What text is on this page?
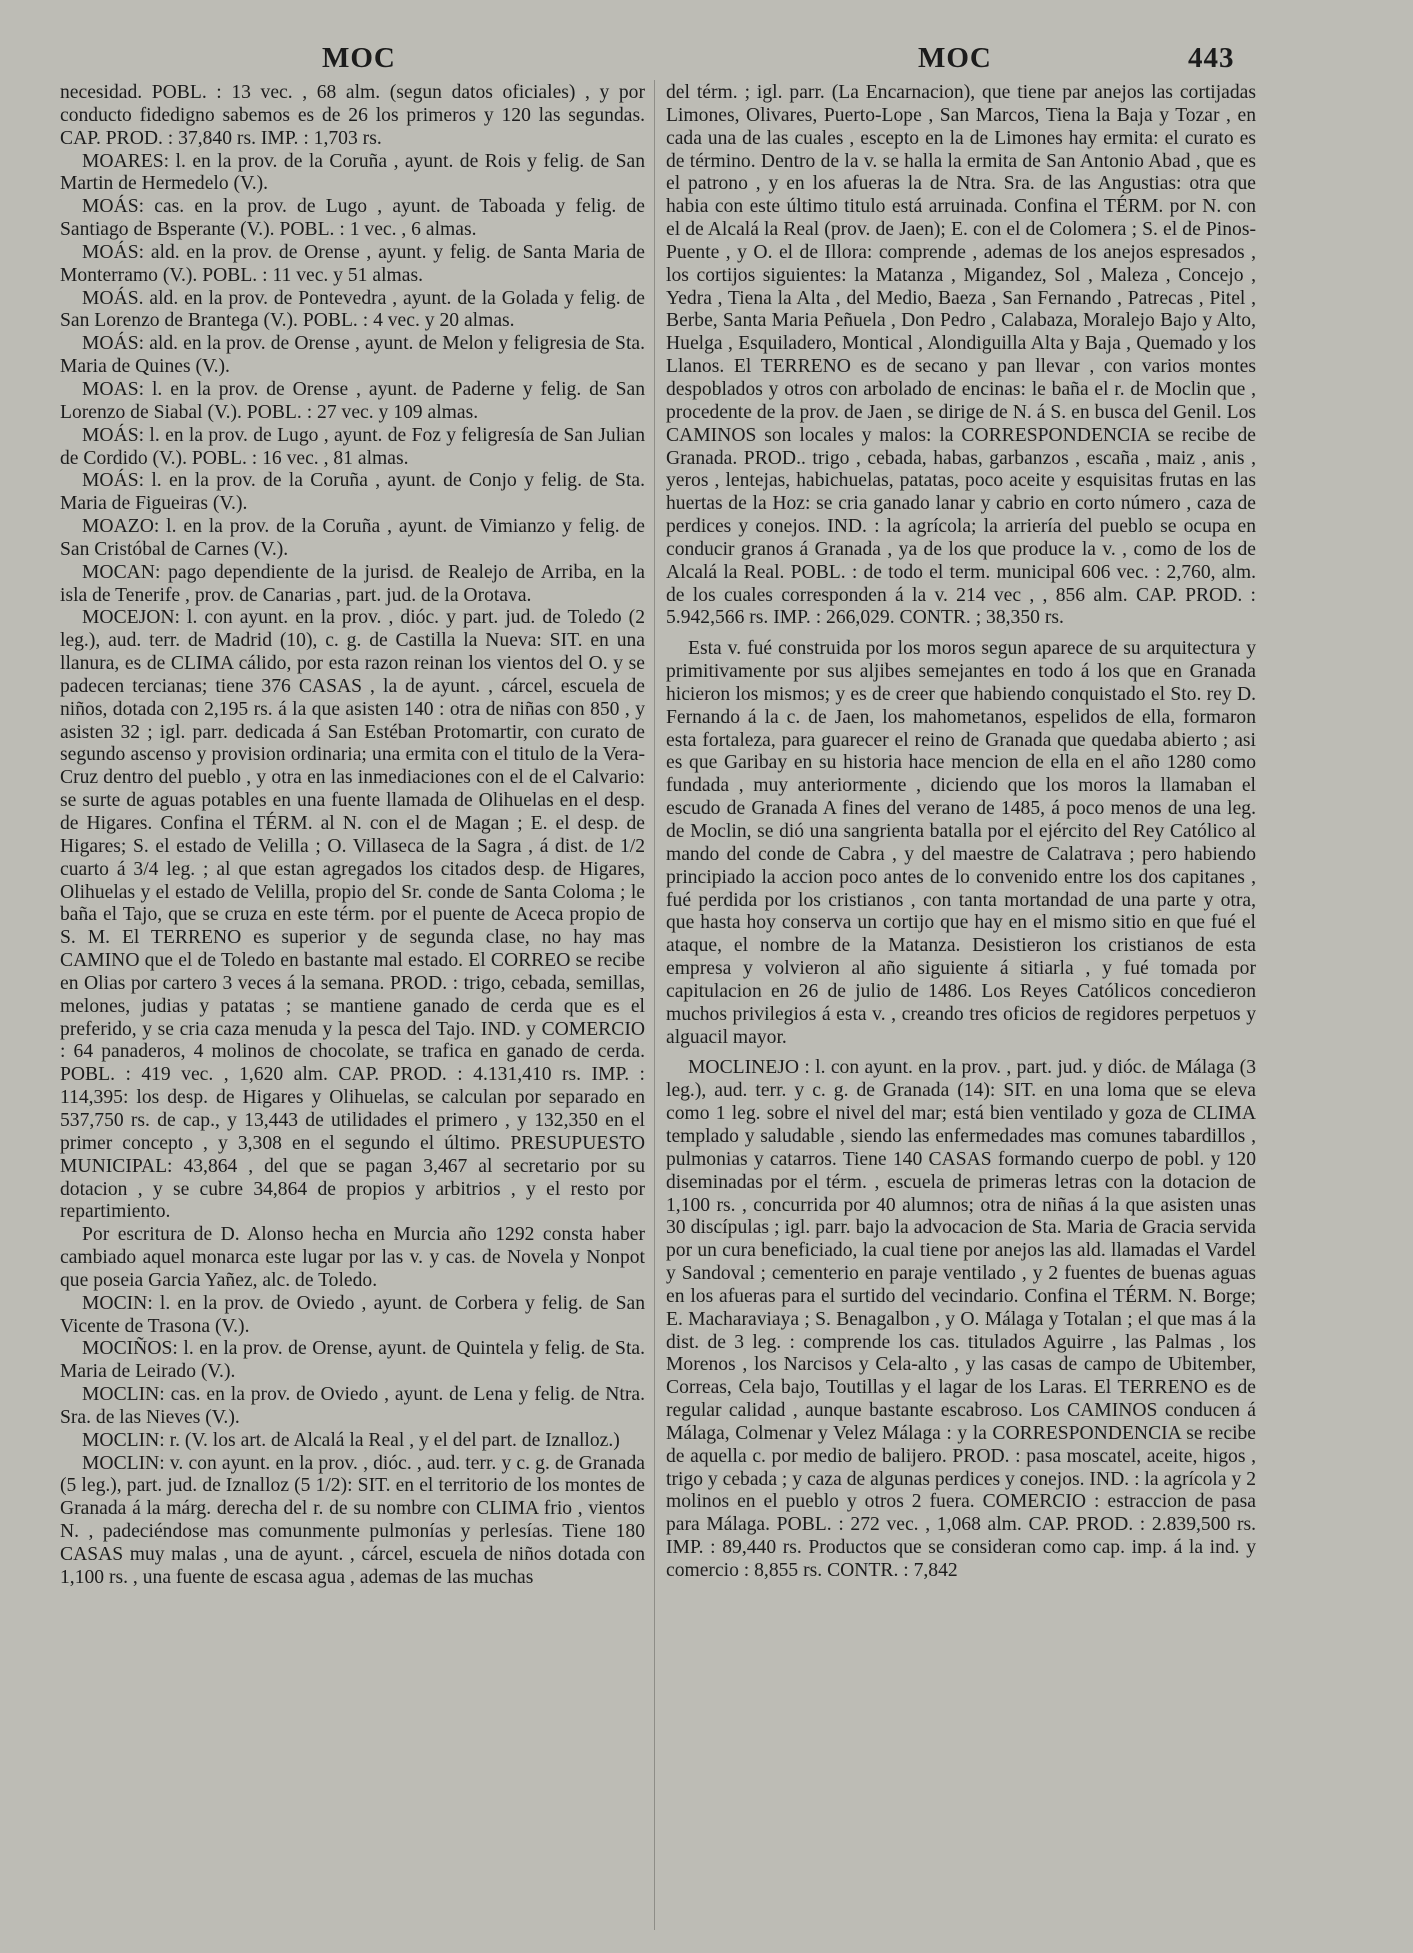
MOC	MOC	443

necesidad. POBL. : 13 vec. , 68 alm. (segun datos oficiales) , y por conducto fidedigno sabemos es de 26 los primeros y 120 las segundas. CAP. PROD. : 37,840 rs. IMP. : 1,703 rs.

MOARES: l. en la prov. de la Coruña , ayunt. de Rois y felig. de San Martin de Hermedelo (V.).

MOÁS: cas. en la prov. de Lugo , ayunt. de Taboada y felig. de Santiago de Bsperante (V.). POBL. : 1 vec. , 6 almas.

MOÁS: ald. en la prov. de Orense , ayunt. y felig. de Santa Maria de Monterramo (V.). POBL. : 11 vec. y 51 almas.

MOÁS. ald. en la prov. de Pontevedra , ayunt. de la Golada y felig. de San Lorenzo de Brantega (V.). POBL. : 4 vec. y 20 almas.

MOÁS: ald. en la prov. de Orense , ayunt. de Melon y feligresia de Sta. Maria de Quines (V.).

MOAS: l. en la prov. de Orense , ayunt. de Paderne y felig. de San Lorenzo de Siabal (V.). POBL. : 27 vec. y 109 almas.

MOÁS: l. en la prov. de Lugo , ayunt. de Foz y feligresía de San Julian de Cordido (V.). POBL. : 16 vec. , 81 almas.

MOÁS: l. en la prov. de la Coruña , ayunt. de Conjo y felig. de Sta. Maria de Figueiras (V.).

MOAZO: l. en la prov. de la Coruña , ayunt. de Vimianzo y felig. de San Cristóbal de Carnes (V.).

MOCAN: pago dependiente de la jurisd. de Realejo de Arriba, en la isla de Tenerife , prov. de Canarias , part. jud. de la Orotava.

MOCEJON: l. con ayunt. en la prov. , dióc. y part. jud. de Toledo (2 leg.), aud. terr. de Madrid (10), c. g. de Castilla la Nueva: SIT. en una llanura, es de CLIMA cálido, por esta razon reinan los vientos del O. y se padecen tercianas; tiene 376 CASAS , la de ayunt. , cárcel, escuela de niños, dotada con 2,195 rs. á la que asisten 140 : otra de niñas con 850 , y asisten 32 ; igl. parr. dedicada á San Estéban Protomartir, con curato de segundo ascenso y provision ordinaria; una ermita con el titulo de la Vera-Cruz dentro del pueblo , y otra en las inmediaciones con el de el Calvario: se surte de aguas potables en una fuente llamada de Olihuelas en el desp. de Higares. Confina el TÉRM. al N. con el de Magan ; E. el desp. de Higares; S. el estado de Velilla ; O. Villaseca de la Sagra , á dist. de 1/2 cuarto á 3/4 leg. ; al que estan agregados los citados desp. de Higares, Olihuelas y el estado de Velilla, propio del Sr. conde de Santa Coloma ; le baña el Tajo, que se cruza en este térm. por el puente de Aceca propio de S. M. El TERRENO es superior y de segunda clase, no hay mas CAMINO que el de Toledo en bastante mal estado. El CORREO se recibe en Olias por cartero 3 veces á la semana. PROD. : trigo, cebada, semillas, melones, judias y patatas ; se mantiene ganado de cerda que es el preferido, y se cria caza menuda y la pesca del Tajo. IND. y COMERCIO : 64 panaderos, 4 molinos de chocolate, se trafica en ganado de cerda. POBL. : 419 vec. , 1,620 alm. CAP. PROD. : 4.131,410 rs. IMP. : 114,395: los desp. de Higares y Olihuelas, se calculan por separado en 537,750 rs. de cap., y 13,443 de utilidades el primero , y 132,350 en el primer concepto , y 3,308 en el segundo el último. PRESUPUESTO MUNICIPAL: 43,864 , del que se pagan 3,467 al secretario por su dotacion , y se cubre 34,864 de propios y arbitrios , y el resto por repartimiento.

Por escritura de D. Alonso hecha en Murcia año 1292 consta haber cambiado aquel monarca este lugar por las v. y cas. de Novela y Nonpot que poseia Garcia Yañez, alc. de Toledo.

MOCIN: l. en la prov. de Oviedo , ayunt. de Corbera y felig. de San Vicente de Trasona (V.).

MOCIÑOS: l. en la prov. de Orense, ayunt. de Quintela y felig. de Sta. Maria de Leirado (V.).

MOCLIN: cas. en la prov. de Oviedo , ayunt. de Lena y felig. de Ntra. Sra. de las Nieves (V.).

MOCLIN: r. (V. los art. de Alcalá la Real , y el del part. de Iznalloz.)

MOCLIN: v. con ayunt. en la prov. , dióc. , aud. terr. y c. g. de Granada (5 leg.), part. jud. de Iznalloz (5 1/2): SIT. en el territorio de los montes de Granada á la márg. derecha del r. de su nombre con CLIMA frio , vientos N. , padeciéndose mas comunmente pulmonías y perlesías. Tiene 180 CASAS muy malas , una de ayunt. , cárcel, escuela de niños dotada con 1,100 rs. , una fuente de escasa agua , ademas de las muchas

del térm. ; igl. parr. (La Encarnacion), que tiene par anejos las cortijadas Limones, Olivares, Puerto-Lope , San Marcos, Tiena la Baja y Tozar , en cada una de las cuales , escepto en la de Limones hay ermita: el curato es de término. Dentro de la v. se halla la ermita de San Antonio Abad , que es el patrono , y en los afueras la de Ntra. Sra. de las Angustias: otra que habia con este último titulo está arruinada. Confina el TÉRM. por N. con el de Alcalá la Real (prov. de Jaen); E. con el de Colomera ; S. el de Pinos-Puente , y O. el de Illora: comprende , ademas de los anejos espresados , los cortijos siguientes: la Matanza , Migandez, Sol , Maleza , Concejo , Yedra , Tiena la Alta , del Medio, Baeza , San Fernando , Patrecas , Pitel , Berbe, Santa Maria Peñuela , Don Pedro , Calabaza, Moralejo Bajo y Alto, Huelga , Esquiladero, Montical , Alondiguilla Alta y Baja , Quemado y los Llanos. El TERRENO es de secano y pan llevar , con varios montes despoblados y otros con arbolado de encinas: le baña el r. de Moclin que , procedente de la prov. de Jaen , se dirige de N. á S. en busca del Genil. Los CAMINOS son locales y malos: la CORRESPONDENCIA se recibe de Granada. PROD.. trigo , cebada, habas, garbanzos , escaña , maiz , anis , yeros , lentejas, habichuelas, patatas, poco aceite y esquisitas frutas en las huertas de la Hoz: se cria ganado lanar y cabrio en corto número , caza de perdices y conejos. IND. : la agrícola; la arriería del pueblo se ocupa en conducir granos á Granada , ya de los que produce la v. , como de los de Alcalá la Real. POBL. : de todo el term. municipal 606 vec. : 2,760, alm. de los cuales corresponden á la v. 214 vec , , 856 alm. CAP. PROD. : 5.942,566 rs. IMP. : 266,029. CONTR. ; 38,350 rs.

Esta v. fué construida por los moros segun aparece de su arquitectura y primitivamente por sus aljibes semejantes en todo á los que en Granada hicieron los mismos; y es de creer que habiendo conquistado el Sto. rey D. Fernando á la c. de Jaen, los mahometanos, espelidos de ella, formaron esta fortaleza, para guarecer el reino de Granada que quedaba abierto ; asi es que Garibay en su historia hace mencion de ella en el año 1280 como fundada , muy anteriormente , diciendo que los moros la llamaban el escudo de Granada A fines del verano de 1485, á poco menos de una leg. de Moclin, se dió una sangrienta batalla por el ejército del Rey Católico al mando del conde de Cabra , y del maestre de Calatrava ; pero habiendo principiado la accion poco antes de lo convenido entre los dos capitanes , fué perdida por los cristianos , con tanta mortandad de una parte y otra, que hasta hoy conserva un cortijo que hay en el mismo sitio en que fué el ataque, el nombre de la Matanza. Desistieron los cristianos de esta empresa y volvieron al año siguiente á sitiarla , y fué tomada por capitulacion en 26 de julio de 1486. Los Reyes Católicos concedieron muchos privilegios á esta v. , creando tres oficios de regidores perpetuos y alguacil mayor.

MOCLINEJO : l. con ayunt. en la prov. , part. jud. y dióc. de Málaga (3 leg.), aud. terr. y c. g. de Granada (14): SIT. en una loma que se eleva como 1 leg. sobre el nivel del mar; está bien ventilado y goza de CLIMA templado y saludable , siendo las enfermedades mas comunes tabardillos , pulmonias y catarros. Tiene 140 CASAS formando cuerpo de pobl. y 120 diseminadas por el térm. , escuela de primeras letras con la dotacion de 1,100 rs. , concurrida por 40 alumnos; otra de niñas á la que asisten unas 30 discípulas ; igl. parr. bajo la advocacion de Sta. Maria de Gracia servida por un cura beneficiado, la cual tiene por anejos las ald. llamadas el Vardel y Sandoval ; cementerio en paraje ventilado , y 2 fuentes de buenas aguas en los afueras para el surtido del vecindario. Confina el TÉRM. N. Borge; E. Macharaviaya ; S. Benagalbon , y O. Málaga y Totalan ; el que mas á la dist. de 3 leg. : comprende los cas. titulados Aguirre , las Palmas , los Morenos , los Narcisos y Cela-alto , y las casas de campo de Ubitember, Correas, Cela bajo, Toutillas y el lagar de los Laras. El TERRENO es de regular calidad , aunque bastante escabroso. Los CAMINOS conducen á Málaga, Colmenar y Velez Málaga : y la CORRESPONDENCIA se recibe de aquella c. por medio de balijero. PROD. : pasa moscatel, aceite, higos , trigo y cebada ; y caza de algunas perdices y conejos. IND. : la agrícola y 2 molinos en el pueblo y otros 2 fuera. COMERCIO : estraccion de pasa para Málaga. POBL. : 272 vec. , 1,068 alm. CAP. PROD. : 2.839,500 rs. IMP. : 89,440 rs. Productos que se consideran como cap. imp. á la ind. y comercio : 8,855 rs. CONTR. : 7,842
